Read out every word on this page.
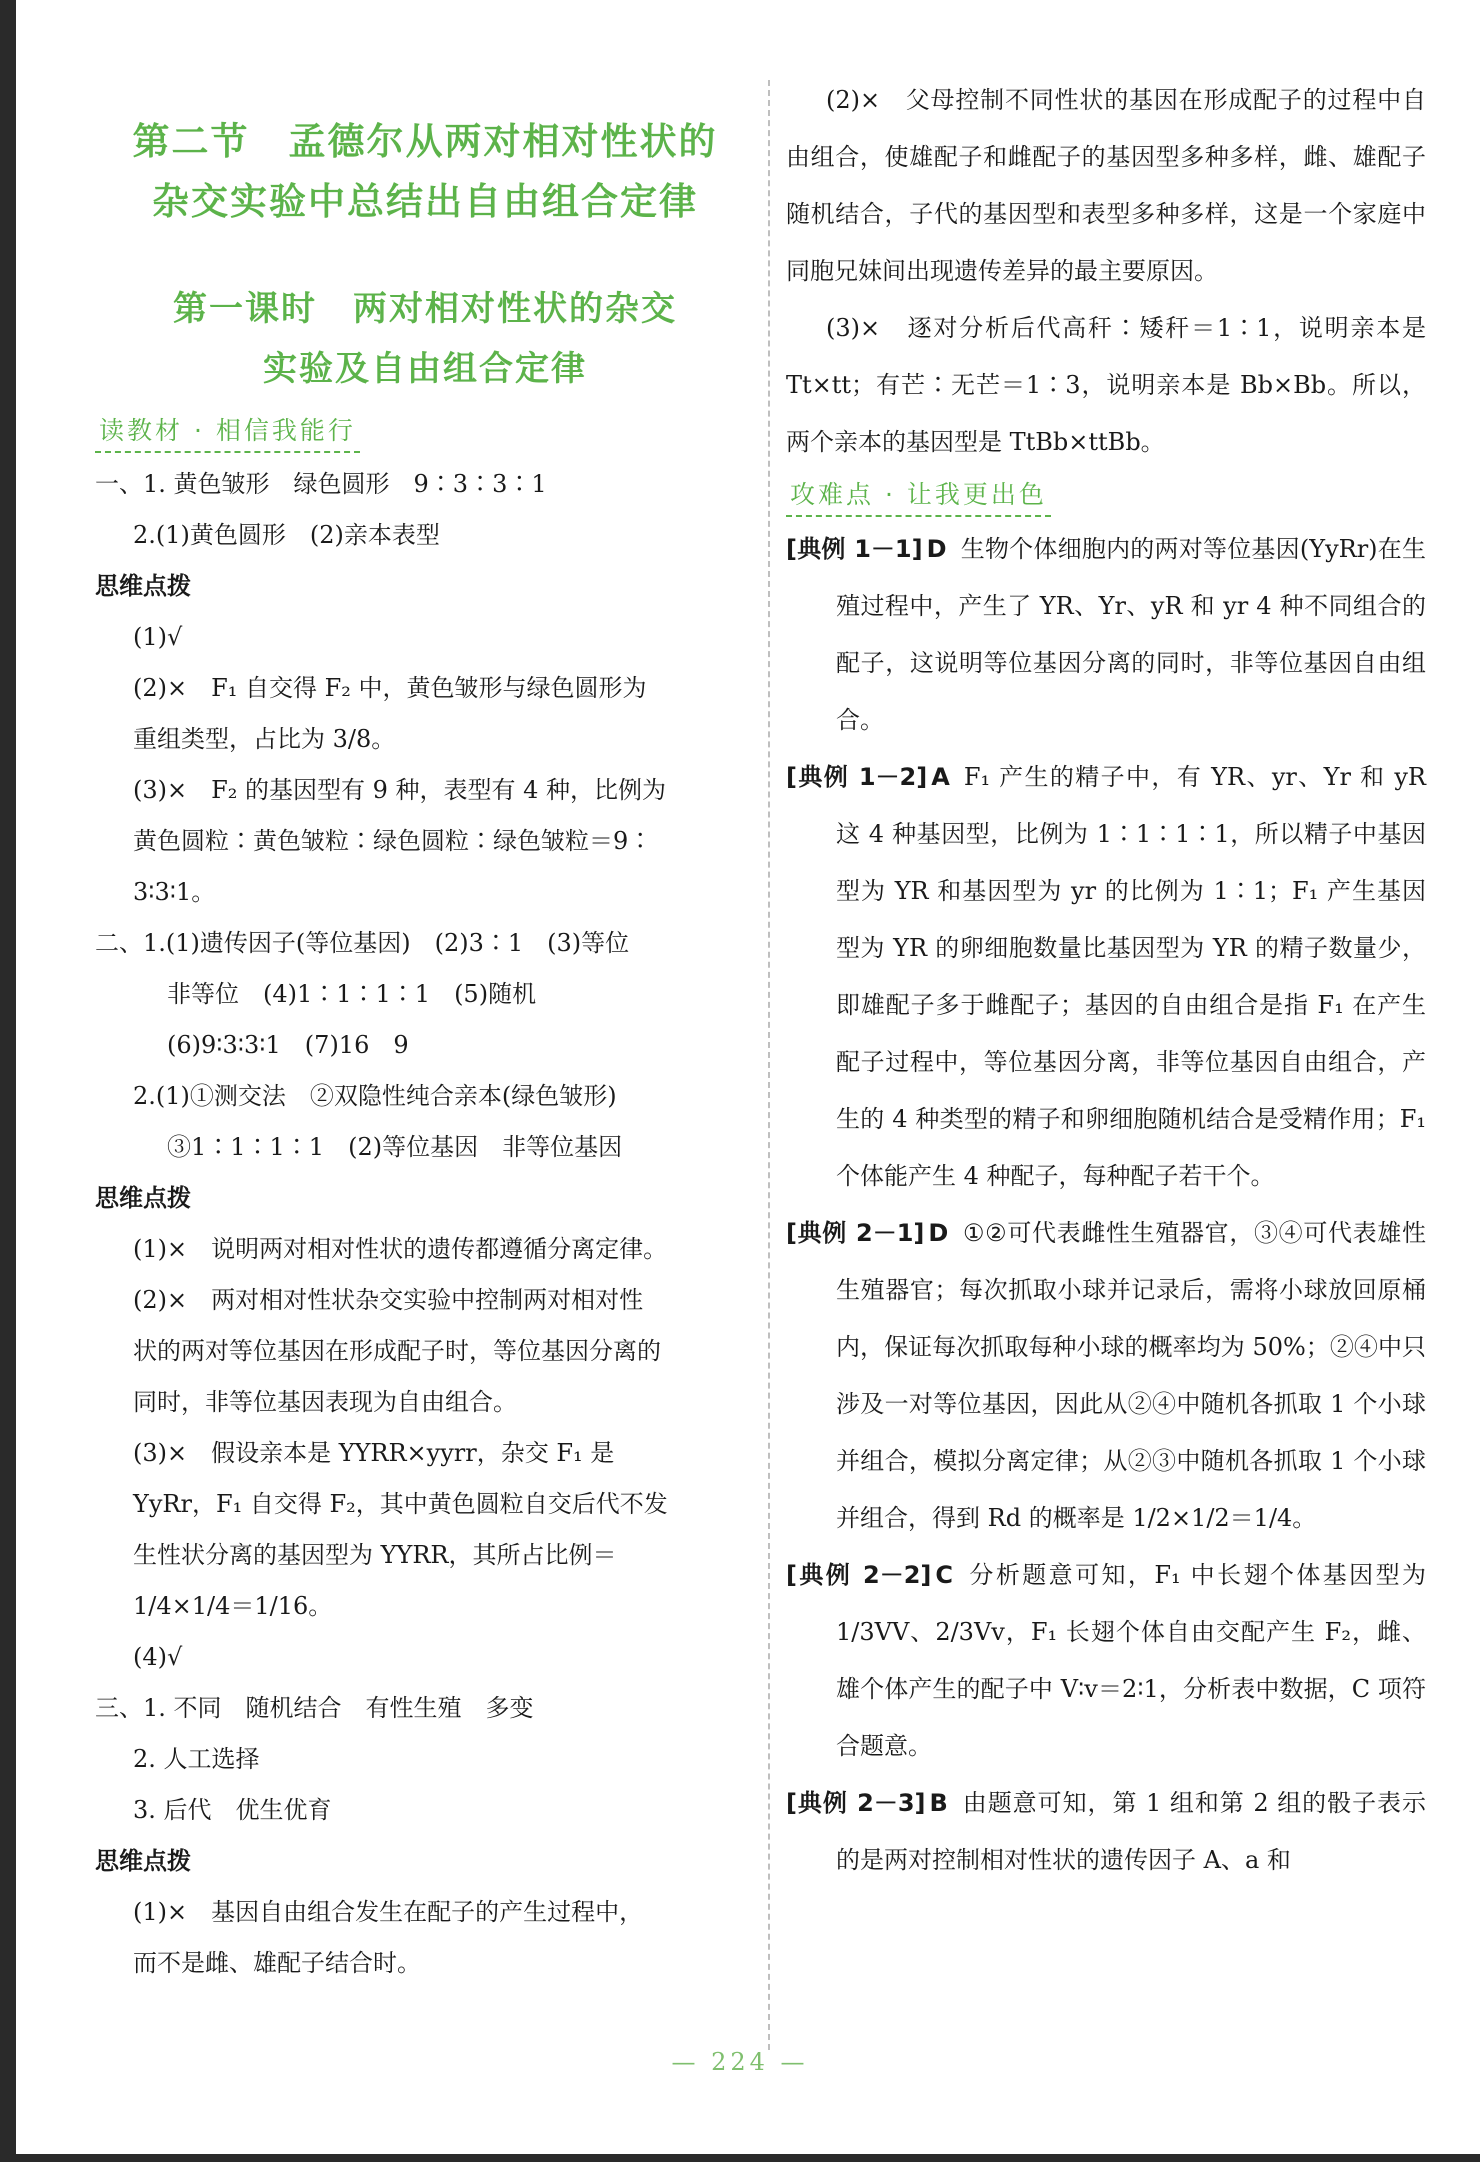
第二节　孟德尔从两对相对性状的
杂交实验中总结出自由组合定律
第一课时　两对相对性状的杂交
实验及自由组合定律
读教材 · 相信我能行
一、1. 黄色皱形　绿色圆形　9∶3∶3∶1
2.(1)黄色圆形　(2)亲本表型
思维点拨
(1)√
(2)×　F₁ 自交得 F₂ 中，黄色皱形与绿色圆形为
重组类型，占比为 3/8。
(3)×　F₂ 的基因型有 9 种，表型有 4 种，比例为
黄色圆粒∶黄色皱粒∶绿色圆粒∶绿色皱粒＝9∶
3∶3∶1。
二、1.(1)遗传因子(等位基因)　(2)3∶1　(3)等位
非等位　(4)1∶1∶1∶1　(5)随机
(6)9∶3∶3∶1　(7)16　9
2.(1)①测交法　②双隐性纯合亲本(绿色皱形)
③1∶1∶1∶1　(2)等位基因　非等位基因
思维点拨
(1)×　说明两对相对性状的遗传都遵循分离定律。
(2)×　两对相对性状杂交实验中控制两对相对性
状的两对等位基因在形成配子时，等位基因分离的
同时，非等位基因表现为自由组合。
(3)×　假设亲本是 YYRR×yyrr，杂交 F₁ 是
YyRr，F₁ 自交得 F₂，其中黄色圆粒自交后代不发
生性状分离的基因型为 YYRR，其所占比例＝
1/4×1/4＝1/16。
(4)√
三、1. 不同　随机结合　有性生殖　多变
2. 人工选择
3. 后代　优生优育
思维点拨
(1)×　基因自由组合发生在配子的产生过程中，
而不是雌、雄配子结合时。
(2)×　父母控制不同性状的基因在形成配子的过程中自由组合，使雄配子和雌配子的基因型多种多样，雌、雄配子随机结合，子代的基因型和表型多种多样，这是一个家庭中同胞兄妹间出现遗传差异的最主要原因。
(3)×　逐对分析后代高秆∶矮秆＝1∶1，说明亲本是 Tt×tt；有芒∶无芒＝1∶3，说明亲本是 Bb×Bb。所以，两个亲本的基因型是 TtBb×ttBb。
攻难点 · 让我更出色
[典例 1－1] D 生物个体细胞内的两对等位基因(YyRr)在生殖过程中，产生了 YR、Yr、yR 和 yr 4 种不同组合的配子，这说明等位基因分离的同时，非等位基因自由组合。
[典例 1－2] A F₁ 产生的精子中，有 YR、yr、Yr 和 yR 这 4 种基因型，比例为 1∶1∶1∶1，所以精子中基因型为 YR 和基因型为 yr 的比例为 1∶1；F₁ 产生基因型为 YR 的卵细胞数量比基因型为 YR 的精子数量少，即雄配子多于雌配子；基因的自由组合是指 F₁ 在产生配子过程中，等位基因分离，非等位基因自由组合，产生的 4 种类型的精子和卵细胞随机结合是受精作用；F₁ 个体能产生 4 种配子，每种配子若干个。
[典例 2－1] D ①②可代表雌性生殖器官，③④可代表雄性生殖器官；每次抓取小球并记录后，需将小球放回原桶内，保证每次抓取每种小球的概率均为 50%；②④中只涉及一对等位基因，因此从②④中随机各抓取 1 个小球并组合，模拟分离定律；从②③中随机各抓取 1 个小球并组合，得到 Rd 的概率是 1/2×1/2＝1/4。
[典例 2－2] C 分析题意可知，F₁ 中长翅个体基因型为 1/3VV、2/3Vv，F₁ 长翅个体自由交配产生 F₂，雌、雄个体产生的配子中 V∶v＝2∶1，分析表中数据，C 项符合题意。
[典例 2－3] B 由题意可知，第 1 组和第 2 组的骰子表示的是两对控制相对性状的遗传因子 A、a 和
— 224 —
